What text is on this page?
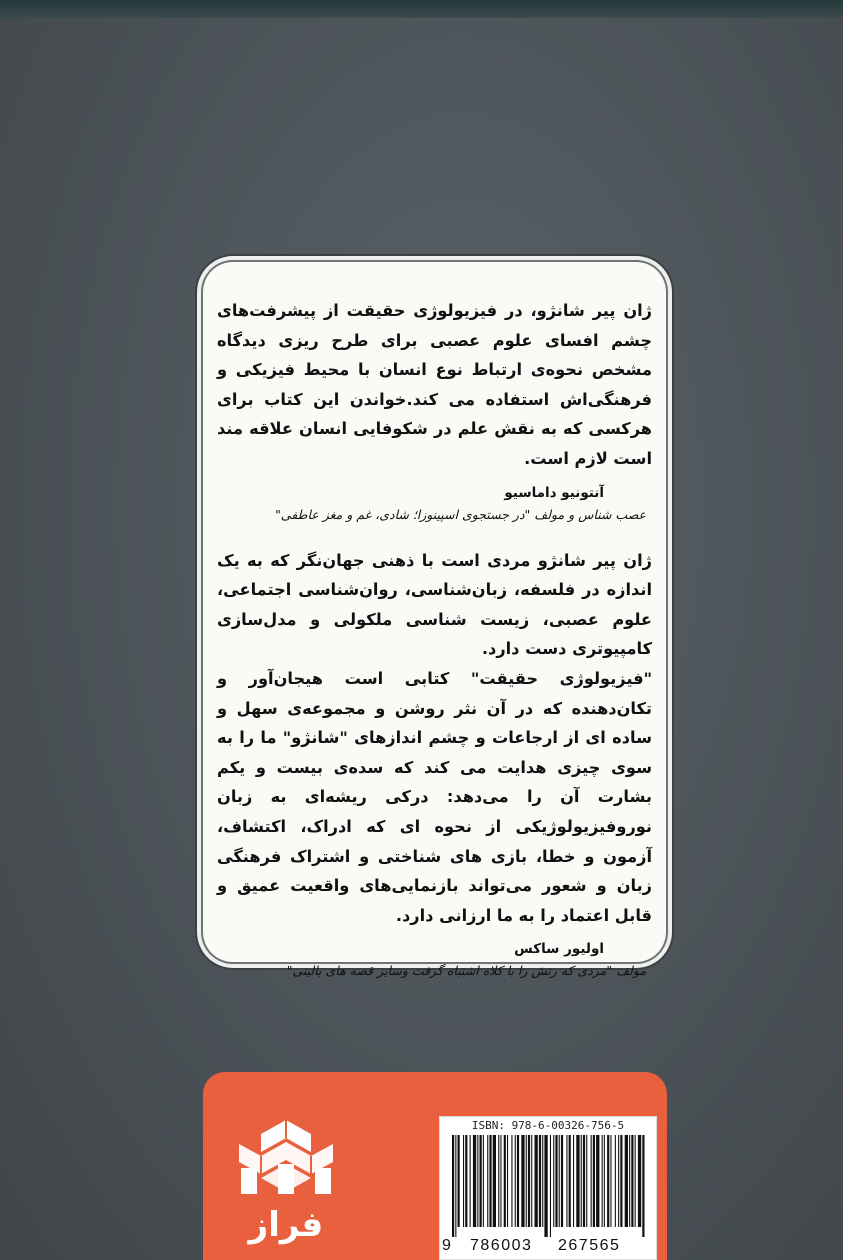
ژان پیر شانژو، در فیزیولوژی حقیقت از پیشرفت‌های چشم افسای علوم عصبی برای طرح ریزی دیدگاه مشخص نحوه‌ی ارتباط نوع انسان با محیط فیزیکی و فرهنگی‌اش استفاده می کند.خواندن این کتاب برای هرکسی که به نقش علم در شکوفایی انسان علاقه مند است لازم است.

آنتونیو داماسیو

عصب شناس و مولف "در جستجوی اسپینوزا؛ شادی، غم و مغز عاطفی"

ژان پیر شانژو مردی است با ذهنی جهان‌نگر که به یک اندازه در فلسفه، زبان‌شناسی، روان‌شناسی اجتماعی، علوم عصبی، زیست شناسی ملکولی و مدل‌سازی کامپیوتری دست دارد.

"فیزیولوژی حقیقت" کتابی است هیجان‌آور و تکان‌دهنده که در آن نثر روشن و مجموعه‌ی سهل و ساده ای از ارجاعات و چشم اندازهای "شانژو" ما را به سوی چیزی هدایت می کند که سده‌ی بیست و یکم بشارت آن را می‌دهد: درکی ریشه‌ای به زبان نوروفیزیولوژیکی از نحوه ای که ادراک، اکتشاف، آزمون و خطا، بازی های شناختی و اشتراک فرهنگی زبان و شعور می‌تواند بازنمایی‌های واقعیت عمیق و قابل اعتماد را به ما ارزانی دارد.

اولیور ساکس

مولف "مردی که زنش را با کلاه اشتباه گرفت وسایر قصه های بالینی"

فراز
ISBN: 978-6-00326-756-5
9 786003 267565
